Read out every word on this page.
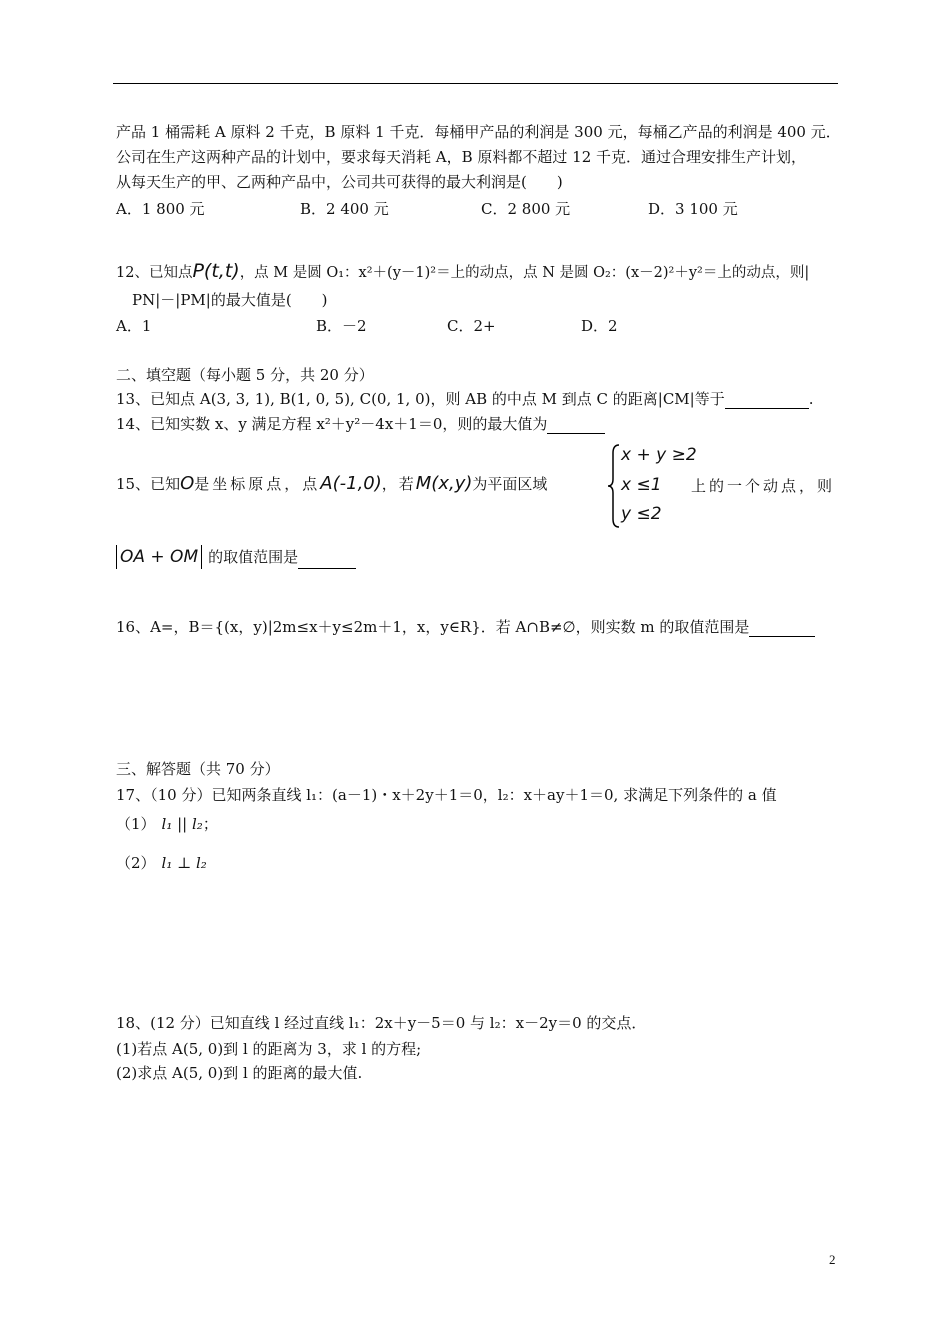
产品 1 桶需耗 A 原料 2 千克，B 原料 1 千克．每桶甲产品的利润是 300 元，每桶乙产品的利润是 400 元．
公司在生产这两种产品的计划中，要求每天消耗 A，B 原料都不超过 12 千克．通过合理安排生产计划，
从每天生产的甲、乙两种产品中，公司共可获得的最大利润是(　　)
A．1 800 元	B．2 400 元	C．2 800 元	D．3 100 元
12、已知点P(t,t)，点 M 是圆 O₁：x²＋(y－1)²＝上的动点，点 N 是圆 O₂：(x－2)²＋y²＝上的动点，则|
PN|－|PM|的最大值是(　　)
A．1	B．－2	C．2+	D．2
二、填空题（每小题 5 分，共 20 分）
13、已知点 A(3, 3, 1), B(1, 0, 5), C(0, 1, 0)，则 AB 的中点 M 到点 C 的距离|CM|等于	.
14、已知实数 x、y 满足方程 x²＋y²－4x＋1＝0，则的最大值为
15、已知O是坐标原点，点A(-1,0)，若M(x,y)为平面区域
x + y ≥2
x ≤1
y ≤2
上的一个动点，则
OA + OM 的取值范围是
16、A=，B＝{(x，y)|2m≤x＋y≤2m＋1，x，y∈R}．若 A∩B≠∅，则实数 m 的取值范围是
三、解答题（共 70 分）
17、（10 分）已知两条直线 l₁：(a－1)・x＋2y＋1＝0，l₂：x＋ay＋1＝0, 求满足下列条件的 a 值
（1） l₁ || l₂；
（2） l₁ ⊥ l₂
18、(12 分）已知直线 l 经过直线 l₁：2x＋y－5＝0 与 l₂：x－2y＝0 的交点．
(1)若点 A(5, 0)到 l 的距离为 3，求 l 的方程;
(2)求点 A(5, 0)到 l 的距离的最大值.
2
